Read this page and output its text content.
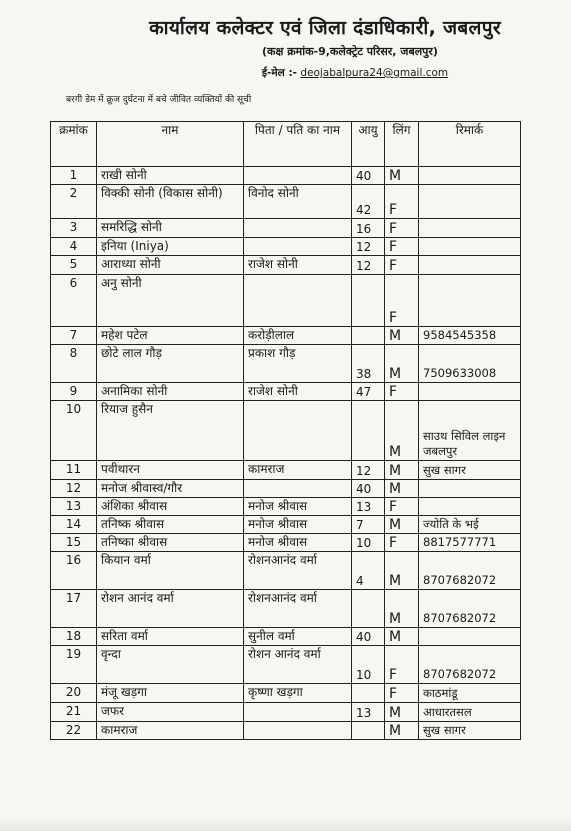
कार्यालय कलेक्टर एवं जिला दंडाधिकारी, जबलपुर
(कक्ष क्रमांक-9,कलेक्ट्रेट परिसर, जबलपुर)
ई-मेल :- deojabalpura24@gmail.com
बरगी डेम में क्रूज दुर्घटना में बचे जीवित व्यक्तियों की सूची
क्रमांक	नाम	पिता / पति का नाम	आयु	लिंग	रिमार्क
1	राखी सोनी		40	M	
2	विक्की सोनी (विकास सोनी)	विनोद सोनी	42	F	
3	समरिद्धि सोनी		16	F	
4	इनिया (Iniya)		12	F	
5	आराध्या सोनी	राजेश सोनी	12	F	
6	अनु सोनी			F	
7	महेश पटेल	करोड़ीलाल		M	9584545358
8	छोटे लाल गौड़	प्रकाश गौड़	38	M	7509633008
9	अनामिका सोनी	राजेश सोनी	47	F	
10	रियाज हुसैन			M	साउथ सिविल लाइन जबलपुर
11	पवीथारन	कामराज	12	M	सुख सागर
12	मनोज श्रीवास्व/गौर		40	M	
13	अंशिका श्रीवास	मनोज श्रीवास	13	F	
14	तनिष्क श्रीवास	मनोज श्रीवास	7	M	ज्योति के भई
15	तनिष्का श्रीवास	मनोज श्रीवास	10	F	8817577771
16	कियान वर्मा	रोशनआनंद वर्मा	4	M	8707682072
17	रोशन आनंद वर्मा	रोशनआनंद वर्मा		M	8707682072
18	सरिता वर्मा	सुनील वर्मा	40	M	
19	वृन्दा	रोशन आनंद वर्मा	10	F	8707682072
20	मंजू खड़गा	कृष्णा खड़गा		F	काठमांडू
21	जफर		13	M	आधारतसल
22	कामराज			M	सुख सागर
